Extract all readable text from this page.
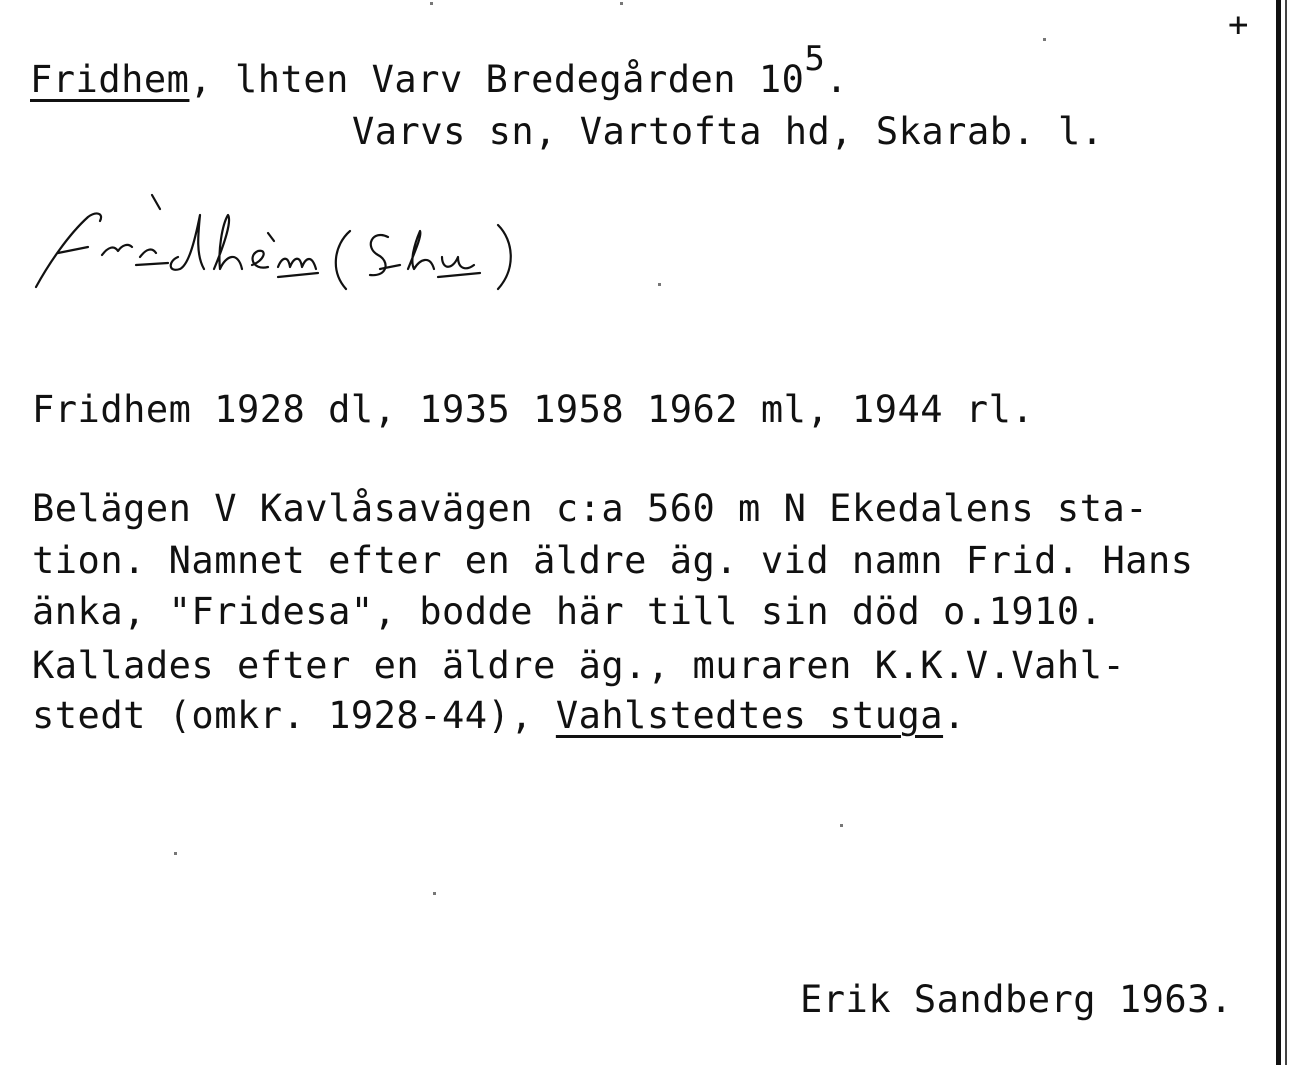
+
Fridhem, lhten Varv Bredegården 105.
Varvs sn, Vartofta hd, Skarab. l.
Fridhem 1928 dl, 1935 1958 1962 ml, 1944 rl.
Belägen V Kavlåsavägen c:a 560 m N Ekedalens sta-
tion. Namnet efter en äldre äg. vid namn Frid. Hans
änka, "Fridesa", bodde här till sin död o.1910.
Kallades efter en äldre äg., muraren K.K.V.Vahl-
stedt (omkr. 1928-44), Vahlstedtes stuga.
Erik Sandberg 1963.
